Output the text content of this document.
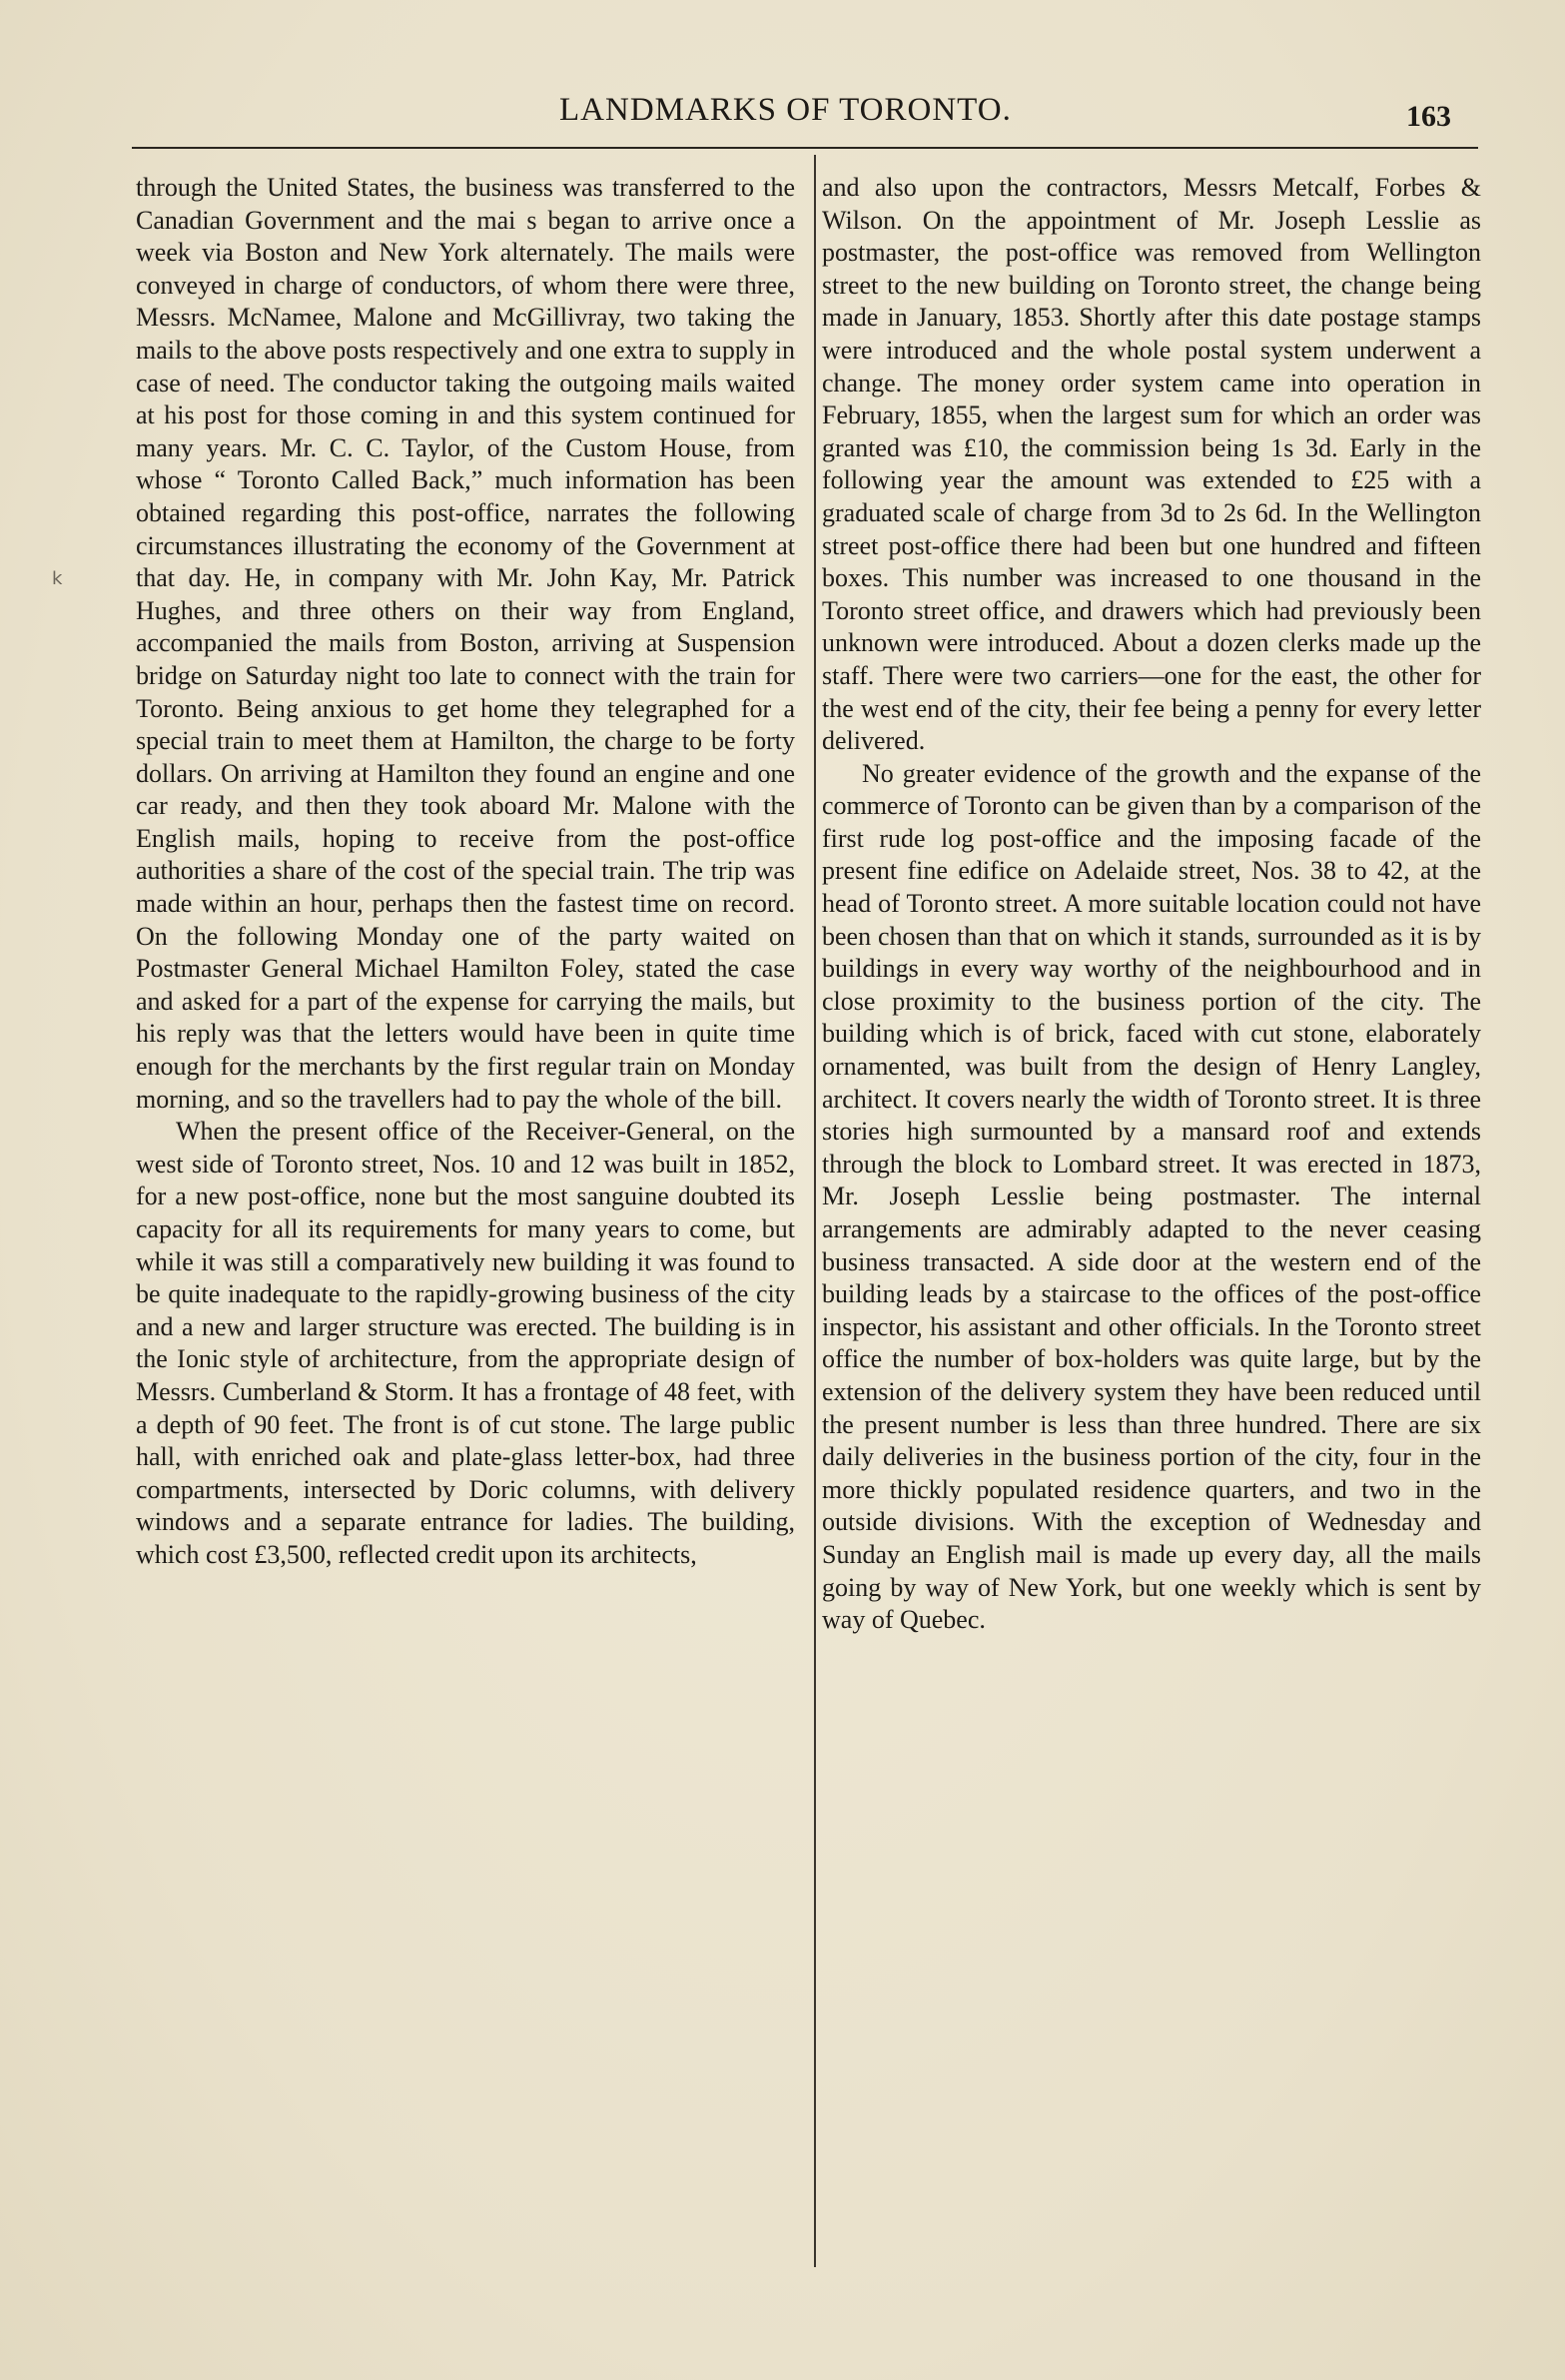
LANDMARKS OF TORONTO.	163
k

through the United States, the business was transferred to the Canadian Government and the mai s began to arrive once a week via Boston and New York alternately. The mails were conveyed in charge of conductors, of whom there were three, Messrs. McNamee, Malone and McGillivray, two taking the mails to the above posts respectively and one extra to supply in case of need. The conductor taking the outgoing mails waited at his post for those coming in and this system continued for many years. Mr. C. C. Taylor, of the Custom House, from whose “ Toronto Called Back,” much information has been obtained regarding this post-office, narrates the following circumstances illustrating the economy of the Government at that day. He, in company with Mr. John Kay, Mr. Patrick Hughes, and three others on their way from England, accompanied the mails from Boston, arriving at Suspension bridge on Saturday night too late to connect with the train for Toronto. Being anxious to get home they telegraphed for a special train to meet them at Hamilton, the charge to be forty dollars. On arriving at Hamilton they found an engine and one car ready, and then they took aboard Mr. Malone with the English mails, hoping to receive from the post-office authorities a share of the cost of the special train. The trip was made within an hour, perhaps then the fastest time on record. On the following Monday one of the party waited on Postmaster General Michael Hamilton Foley, stated the case and asked for a part of the expense for carrying the mails, but his reply was that the letters would have been in quite time enough for the merchants by the first regular train on Monday morning, and so the travellers had to pay the whole of the bill.

When the present office of the Receiver-General, on the west side of Toronto street, Nos. 10 and 12 was built in 1852, for a new post-office, none but the most sanguine doubted its capacity for all its requirements for many years to come, but while it was still a comparatively new building it was found to be quite inadequate to the rapidly-growing business of the city and a new and larger structure was erected. The building is in the Ionic style of architecture, from the appropriate design of Messrs. Cumberland & Storm. It has a frontage of 48 feet, with a depth of 90 feet. The front is of cut stone. The large public hall, with enriched oak and plate-glass letter-box, had three compartments, intersected by Doric columns, with delivery windows and a separate entrance for ladies. The building, which cost £3,500, reflected credit upon its architects,

and also upon the contractors, Messrs Metcalf, Forbes & Wilson. On the appointment of Mr. Joseph Lesslie as postmaster, the post-office was removed from Wellington street to the new building on Toronto street, the change being made in January, 1853. Shortly after this date postage stamps were introduced and the whole postal system underwent a change. The money order system came into operation in February, 1855, when the largest sum for which an order was granted was £10, the commission being 1s 3d. Early in the following year the amount was extended to £25 with a graduated scale of charge from 3d to 2s 6d. In the Wellington street post-office there had been but one hundred and fifteen boxes. This number was increased to one thousand in the Toronto street office, and drawers which had previously been unknown were introduced. About a dozen clerks made up the staff. There were two carriers—one for the east, the other for the west end of the city, their fee being a penny for every letter delivered.

No greater evidence of the growth and the expanse of the commerce of Toronto can be given than by a comparison of the first rude log post-office and the imposing facade of the present fine edifice on Adelaide street, Nos. 38 to 42, at the head of Toronto street. A more suitable location could not have been chosen than that on which it stands, surrounded as it is by buildings in every way worthy of the neighbourhood and in close proximity to the business portion of the city. The building which is of brick, faced with cut stone, elaborately ornamented, was built from the design of Henry Langley, architect. It covers nearly the width of Toronto street. It is three stories high surmounted by a mansard roof and extends through the block to Lombard street. It was erected in 1873, Mr. Joseph Lesslie being postmaster. The internal arrangements are admirably adapted to the never ceasing business transacted. A side door at the western end of the building leads by a staircase to the offices of the post-office inspector, his assistant and other officials. In the Toronto street office the number of box-holders was quite large, but by the extension of the delivery system they have been reduced until the present number is less than three hundred. There are six daily deliveries in the business portion of the city, four in the more thickly populated residence quarters, and two in the outside divisions. With the exception of Wednesday and Sunday an English mail is made up every day, all the mails going by way of New York, but one weekly which is sent by way of Quebec.
